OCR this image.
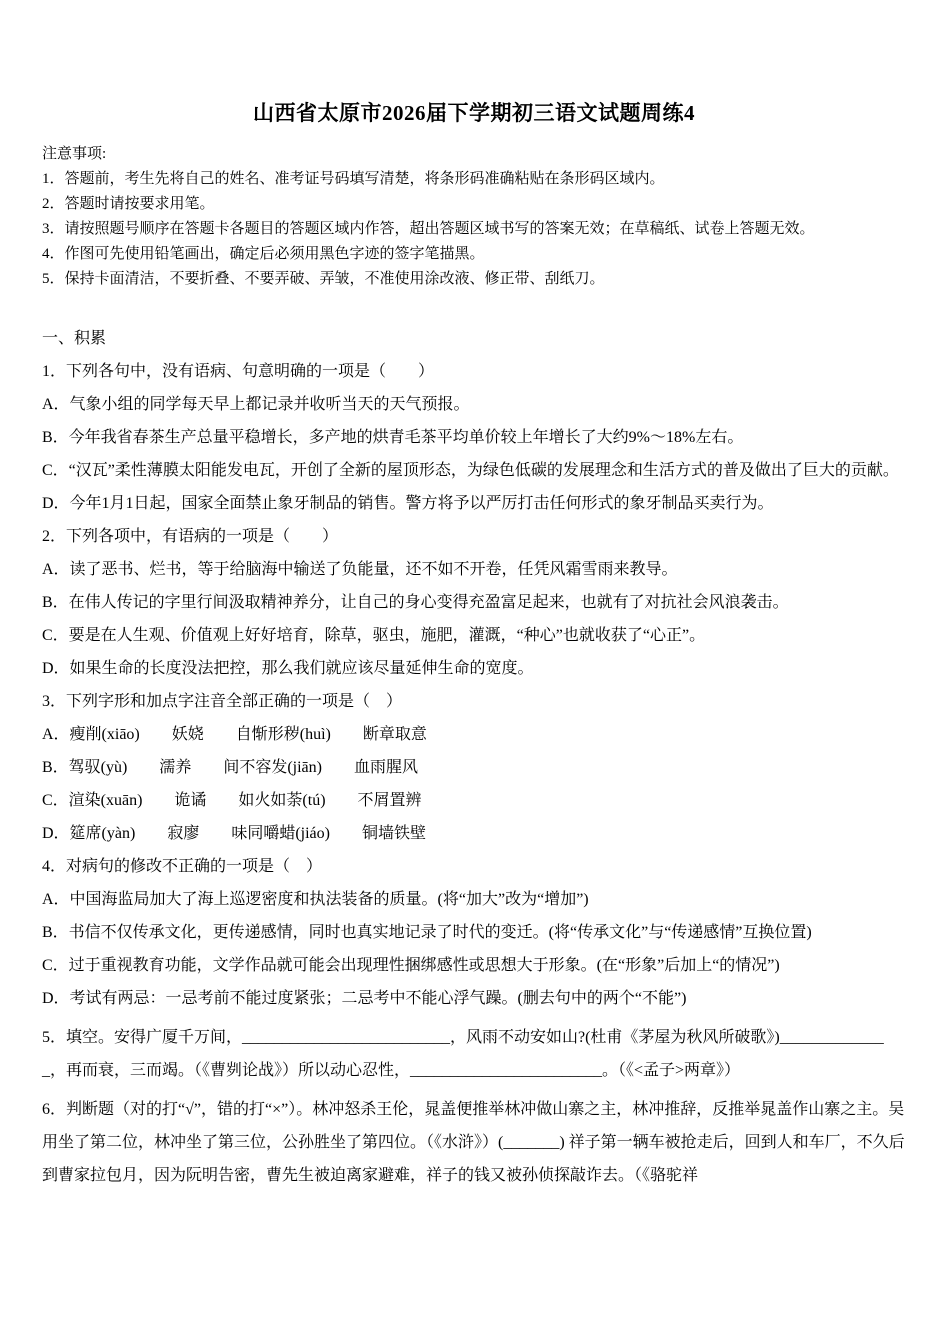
山西省太原市2026届下学期初三语文试题周练4

注意事项:

1．答题前，考生先将自己的姓名、准考证号码填写清楚，将条形码准确粘贴在条形码区域内。

2．答题时请按要求用笔。

3．请按照题号顺序在答题卡各题目的答题区域内作答，超出答题区域书写的答案无效；在草稿纸、试卷上答题无效。

4．作图可先使用铅笔画出，确定后必须用黑色字迹的签字笔描黑。

5．保持卡面清洁，不要折叠、不要弄破、弄皱，不准使用涂改液、修正带、刮纸刀。

一、积累

1．下列各句中，没有语病、句意明确的一项是（　　）

A．气象小组的同学每天早上都记录并收听当天的天气预报。

B．今年我省春茶生产总量平稳增长，多产地的烘青毛茶平均单价较上年增长了大约9%～18%左右。

C．“汉瓦”柔性薄膜太阳能发电瓦，开创了全新的屋顶形态，为绿色低碳的发展理念和生活方式的普及做出了巨大的贡献。

D．今年1月1日起，国家全面禁止象牙制品的销售。警方将予以严厉打击任何形式的象牙制品买卖行为。

2．下列各项中，有语病的一项是（　　）

A．读了恶书、烂书，等于给脑海中输送了负能量，还不如不开卷，任凭风霜雪雨来教导。

B．在伟人传记的字里行间汲取精神养分，让自己的身心变得充盈富足起来，也就有了对抗社会风浪袭击。

C．要是在人生观、价值观上好好培育，除草，驱虫，施肥，灌溉，“种心”也就收获了“心正”。

D．如果生命的长度没法把控，那么我们就应该尽量延伸生命的宽度。

3．下列字形和加点字注音全部正确的一项是（　）

A．瘦削(xiāo)　　妖娆　　自惭形秽(huì)　　断章取意

B．驾驭(yù)　　濡养　　间不容发(jiān)　　血雨腥风

C．渲染(xuān)　　诡谲　　如火如荼(tú)　　不屑置辨

D．筵席(yàn)　　寂廖　　味同嚼蜡(jiáo)　　铜墙铁壁

4．对病句的修改不正确的一项是（　）

A．中国海监局加大了海上巡逻密度和执法装备的质量。(将“加大”改为“增加”)

B．书信不仅传承文化，更传递感情，同时也真实地记录了时代的变迁。(将“传承文化”与“传递感情”互换位置)

C．过于重视教育功能，文学作品就可能会出现理性捆绑感性或思想大于形象。(在“形象”后加上“的情况”)

D．考试有两忌：一忌考前不能过度紧张；二忌考中不能心浮气躁。(删去句中的两个“不能”)

5．填空。安得广厦千万间，__________________________，风雨不动安如山?(杜甫《茅屋为秋风所破歌》)______________，再而衰，三而竭。（《曹刿论战》）所以动心忍性，________________________。（《<孟子>两章》）

6．判断题（对的打“√”，错的打“×”）。林冲怒杀王伦，晁盖便推举林冲做山寨之主，林冲推辞，反推举晁盖作山寨之主。吴用坐了第二位，林冲坐了第三位，公孙胜坐了第四位。（《水浒》）(_______) 祥子第一辆车被抢走后，回到人和车厂，不久后到曹家拉包月，因为阮明告密，曹先生被迫离家避难，祥子的钱又被孙侦探敲诈去。（《骆驼祥
